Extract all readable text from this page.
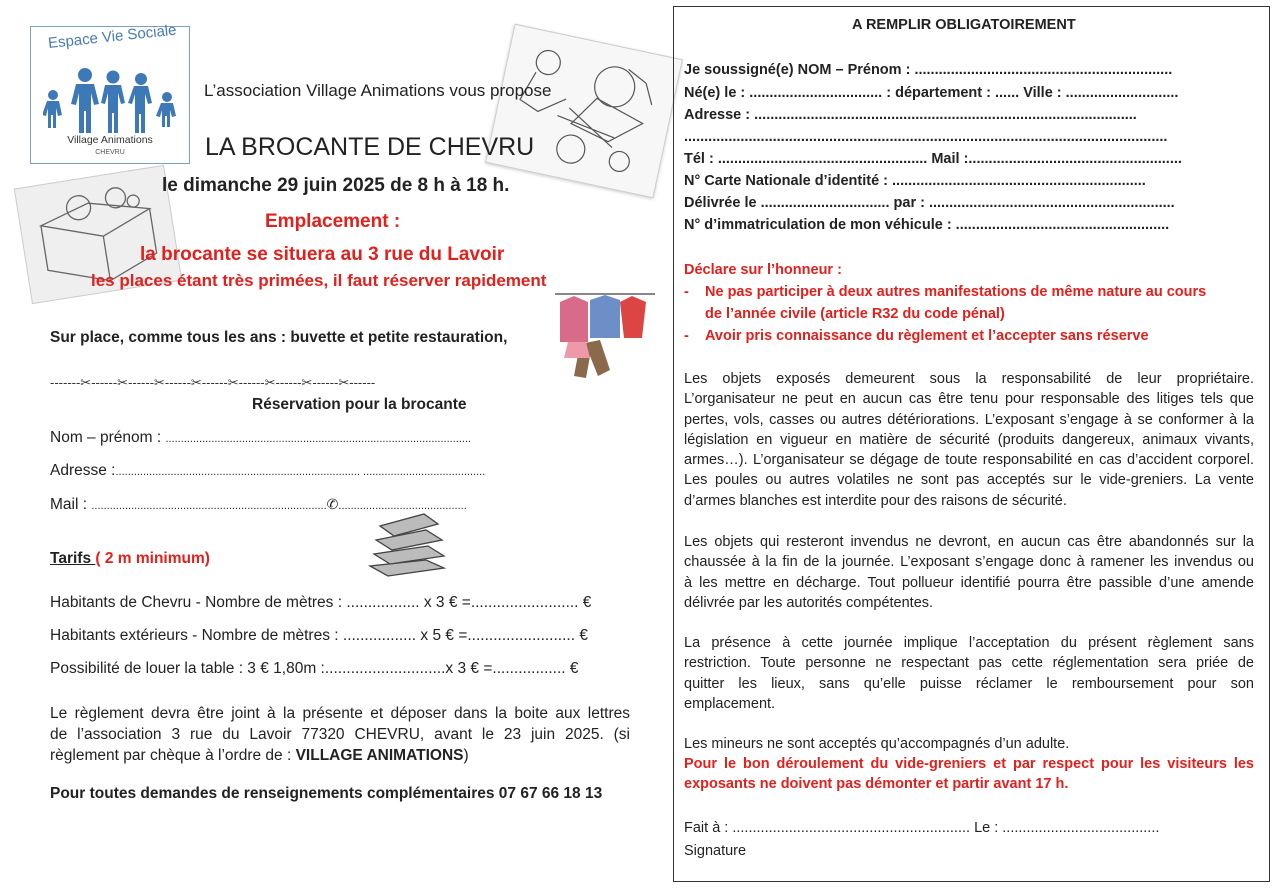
Espace Vie Sociale
Village Animations
CHEVRU
L’association Village Animations vous propose
LA BROCANTE DE CHEVRU
le dimanche 29 juin 2025 de 8 h à 18 h.
Emplacement :
la brocante se situera au 3 rue du Lavoir
les places étant très primées, il faut réserver rapidement
Sur place, comme tous les ans : buvette et petite restauration,
-------✂------✂------✂------✂------✂------✂------✂------✂------
Réservation pour la brocante
Nom – prénom : ....................................................................................................
Adresse :................................................................................ ........................................
Mail : .............................................................................✆..........................................
Tarifs ( 2 m minimum)
Habitants de Chevru - Nombre de mètres : ................. x 3 € =......................... €
Habitants extérieurs - Nombre de mètres : ................. x 5 € =......................... €
Possibilité de louer la table : 3 € 1,80m :............................x 3 € =................. €
Le règlement devra être joint à la présente et déposer dans la boite aux lettres
de l’association 3 rue du Lavoir 77320 CHEVRU, avant le 23 juin 2025. (si
règlement par chèque à l’ordre de : VILLAGE ANIMATIONS)
Pour toutes demandes de renseignements complémentaires 07 67 66 18 13
A REMPLIR OBLIGATOIREMENT
Je soussigné(e) NOM – Prénom : ................................................................
Né(e) le : ................................. : département : ...... Ville : ............................
Adresse : ...............................................................................................
........................................................................................................................
Tél : .................................................... Mail :.....................................................
N° Carte Nationale d’identité : ...............................................................
Délivrée le ................................ par : .............................................................
N° d’immatriculation de mon véhicule : .....................................................
Déclare sur l’honneur :
- Ne pas participer à deux autres manifestations de même nature au cours
de l’année civile (article R32 du code pénal)
- Avoir pris connaissance du règlement et l’accepter sans réserve
Les objets exposés demeurent sous la responsabilité de leur propriétaire.
L’organisateur ne peut en aucun cas être tenu pour responsable des litiges tels que
pertes, vols, casses ou autres détériorations. L’exposant s’engage à se conformer à la
législation en vigueur en matière de sécurité (produits dangereux, animaux vivants,
armes…). L’organisateur se dégage de toute responsabilité en cas d’accident corporel.
Les poules ou autres volatiles ne sont pas acceptés sur le vide-greniers. La vente
d’armes blanches est interdite pour des raisons de sécurité.
Les objets qui resteront invendus ne devront, en aucun cas être abandonnés sur la
chaussée à la fin de la journée. L’exposant s’engage donc à ramener les invendus ou
à les mettre en décharge. Tout pollueur identifié pourra être passible d’une amende
délivrée par les autorités compétentes.
La présence à cette journée implique l’acceptation du présent règlement sans
restriction. Toute personne ne respectant pas cette réglementation sera priée de
quitter les lieux, sans qu’elle puisse réclamer le remboursement pour son
emplacement.
Les mineurs ne sont acceptés qu’accompagnés d’un adulte.
Pour le bon déroulement du vide-greniers et par respect pour les visiteurs les
exposants ne doivent pas démonter et partir avant 17 h.
Fait à : ........................................................... Le : .......................................
Signature
